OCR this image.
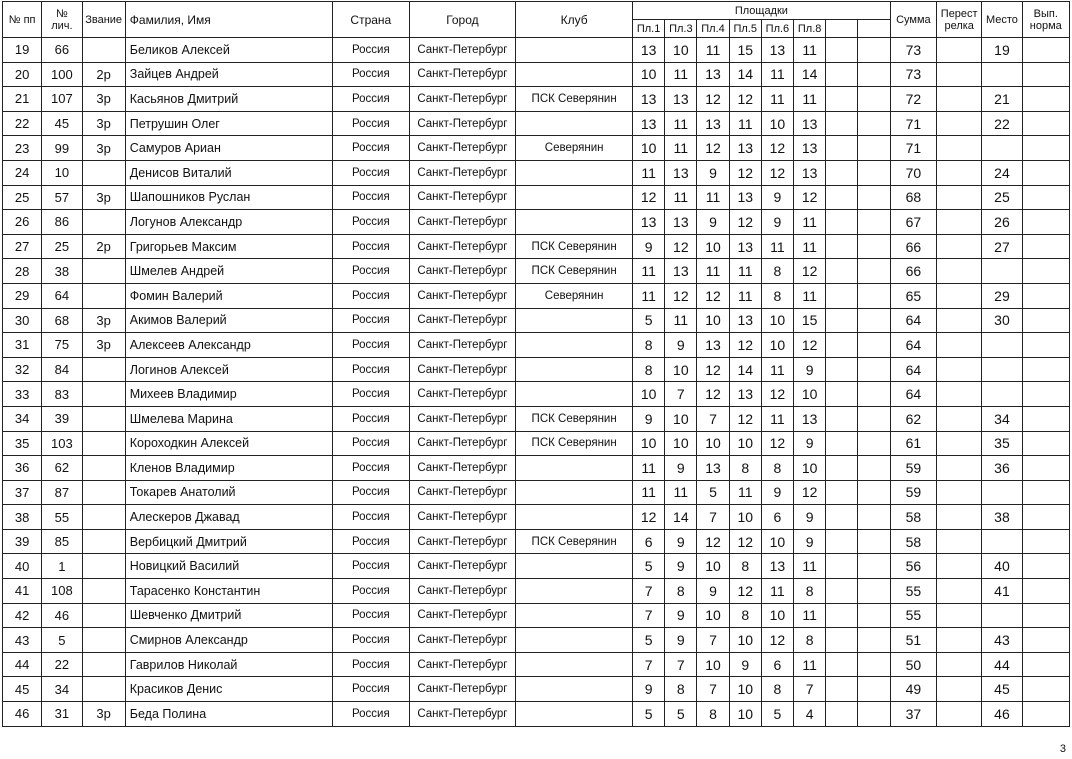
№ пп	№ лич.	Звание	Фамилия, Имя	Страна	Город	Клуб	Площадки								Сумма	Перест релка	Место	Вып. норма
							Пл.1	Пл.3	Пл.4	Пл.5	Пл.6	Пл.8						
19	66		Беликов Алексей	Россия	Санкт-Петербург		13	10	11	15	13	11			73		19	
20	100	2р	Зайцев Андрей	Россия	Санкт-Петербург		10	11	13	14	11	14			73			
21	107	3р	Касьянов Дмитрий	Россия	Санкт-Петербург	ПСК Северянин	13	13	12	12	11	11			72		21	
22	45	3р	Петрушин Олег	Россия	Санкт-Петербург		13	11	13	11	10	13			71		22	
23	99	3р	Самуров Ариан	Россия	Санкт-Петербург	Северянин	10	11	12	13	12	13			71			
24	10		Денисов Виталий	Россия	Санкт-Петербург		11	13	9	12	12	13			70		24	
25	57	3р	Шапошников Руслан	Россия	Санкт-Петербург		12	11	11	13	9	12			68		25	
26	86		Логунов Александр	Россия	Санкт-Петербург		13	13	9	12	9	11			67		26	
27	25	2р	Григорьев Максим	Россия	Санкт-Петербург	ПСК Северянин	9	12	10	13	11	11			66		27	
28	38		Шмелев Андрей	Россия	Санкт-Петербург	ПСК Северянин	11	13	11	11	8	12			66			
29	64		Фомин Валерий	Россия	Санкт-Петербург	Северянин	11	12	12	11	8	11			65		29	
30	68	3р	Акимов Валерий	Россия	Санкт-Петербург		5	11	10	13	10	15			64		30	
31	75	3р	Алексеев Александр	Россия	Санкт-Петербург		8	9	13	12	10	12			64			
32	84		Логинов Алексей	Россия	Санкт-Петербург		8	10	12	14	11	9			64			
33	83		Михеев Владимир	Россия	Санкт-Петербург		10	7	12	13	12	10			64			
34	39		Шмелева Марина	Россия	Санкт-Петербург	ПСК Северянин	9	10	7	12	11	13			62		34	
35	103		Короходкин Алексей	Россия	Санкт-Петербург	ПСК Северянин	10	10	10	10	12	9			61		35	
36	62		Кленов Владимир	Россия	Санкт-Петербург		11	9	13	8	8	10			59		36	
37	87		Токарев Анатолий	Россия	Санкт-Петербург		11	11	5	11	9	12			59			
38	55		Алескеров Джавад	Россия	Санкт-Петербург		12	14	7	10	6	9			58		38	
39	85		Вербицкий Дмитрий	Россия	Санкт-Петербург	ПСК Северянин	6	9	12	12	10	9			58			
40	1		Новицкий Василий	Россия	Санкт-Петербург		5	9	10	8	13	11			56		40	
41	108		Тарасенко Константин	Россия	Санкт-Петербург		7	8	9	12	11	8			55		41	
42	46		Шевченко Дмитрий	Россия	Санкт-Петербург		7	9	10	8	10	11			55			
43	5		Смирнов Александр	Россия	Санкт-Петербург		5	9	7	10	12	8			51		43	
44	22		Гаврилов Николай	Россия	Санкт-Петербург		7	7	10	9	6	11			50		44	
45	34		Красиков Денис	Россия	Санкт-Петербург		9	8	7	10	8	7			49		45	
46	31	3р	Беда Полина	Россия	Санкт-Петербург		5	5	8	10	5	4			37		46	
3
